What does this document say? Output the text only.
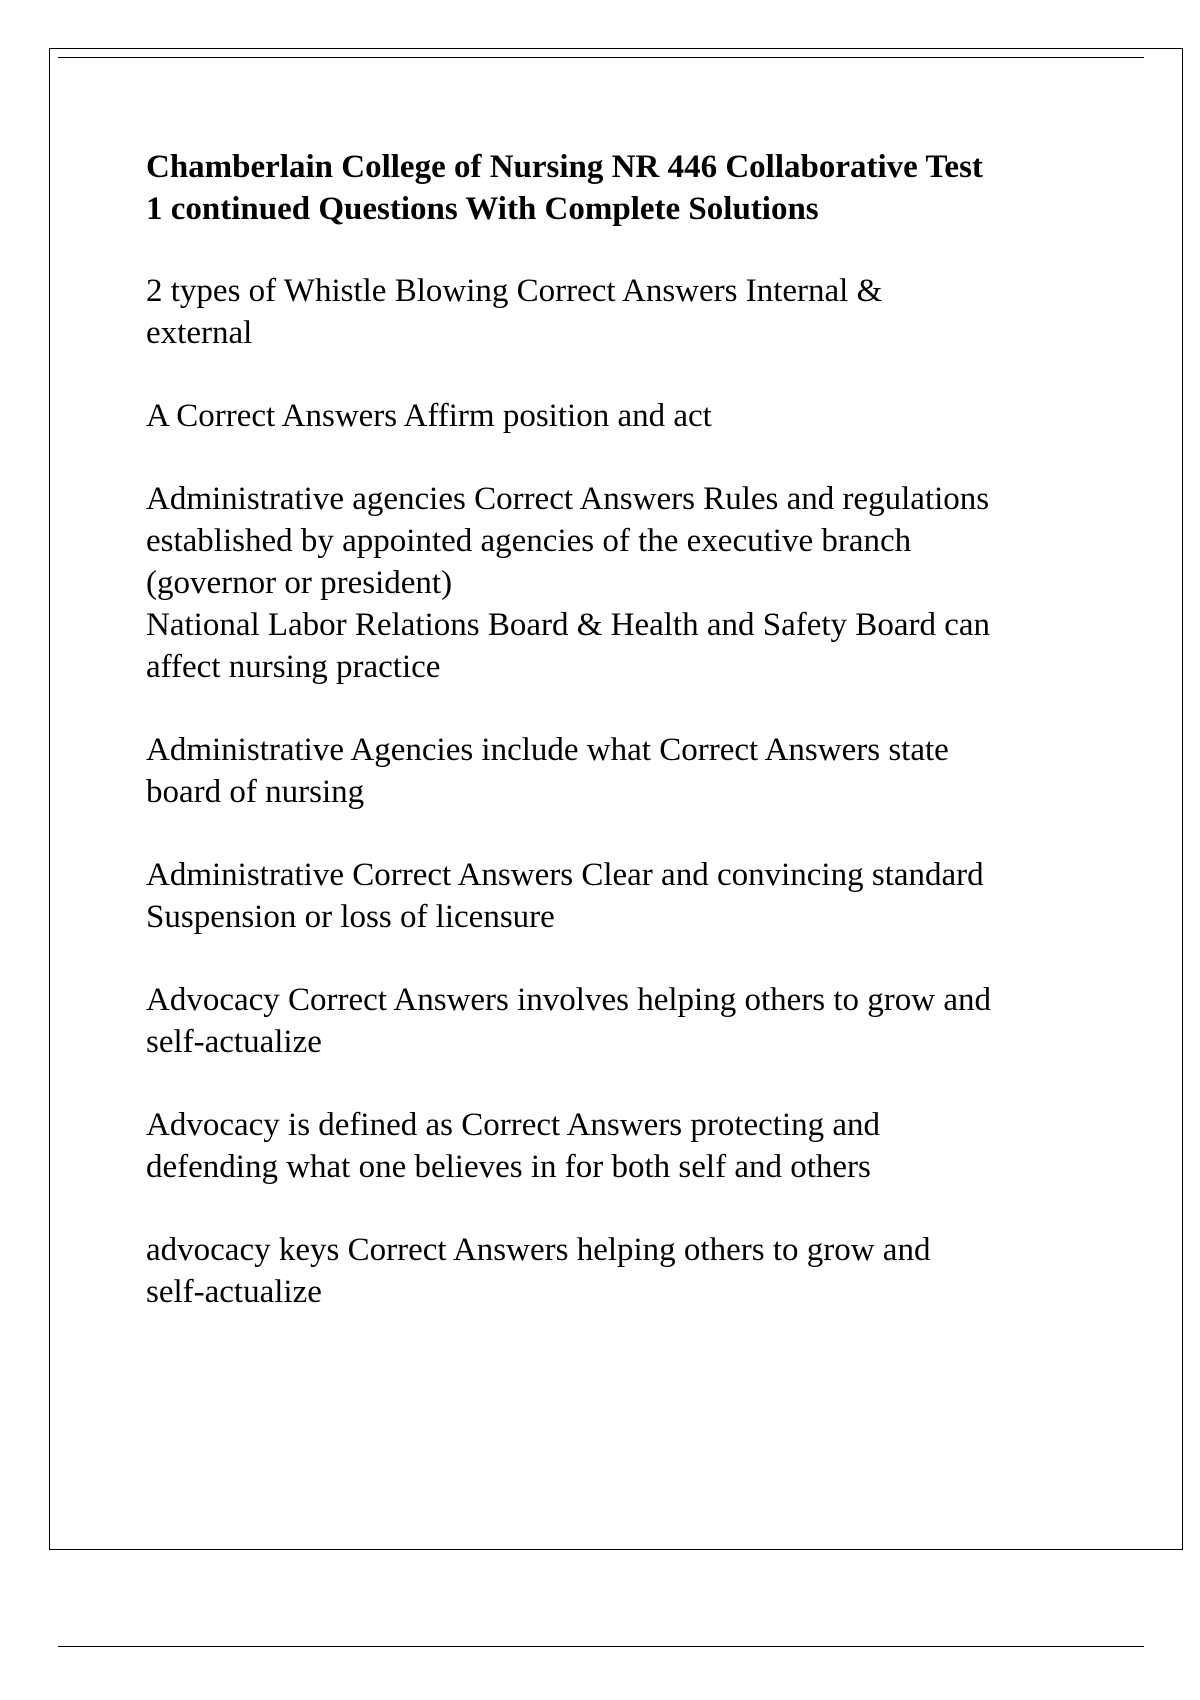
Chamberlain College of Nursing NR 446 Collaborative Test
1 continued Questions With Complete Solutions

2 types of Whistle Blowing Correct Answers Internal &
external

A Correct Answers Affirm position and act

Administrative agencies Correct Answers Rules and regulations
established by appointed agencies of the executive branch
(governor or president)
National Labor Relations Board & Health and Safety Board can
affect nursing practice

Administrative Agencies include what Correct Answers state
board of nursing

Administrative Correct Answers Clear and convincing standard
Suspension or loss of licensure

Advocacy Correct Answers involves helping others to grow and
self-actualize

Advocacy is defined as Correct Answers protecting and
defending what one believes in for both self and others

advocacy keys Correct Answers helping others to grow and
self-actualize
